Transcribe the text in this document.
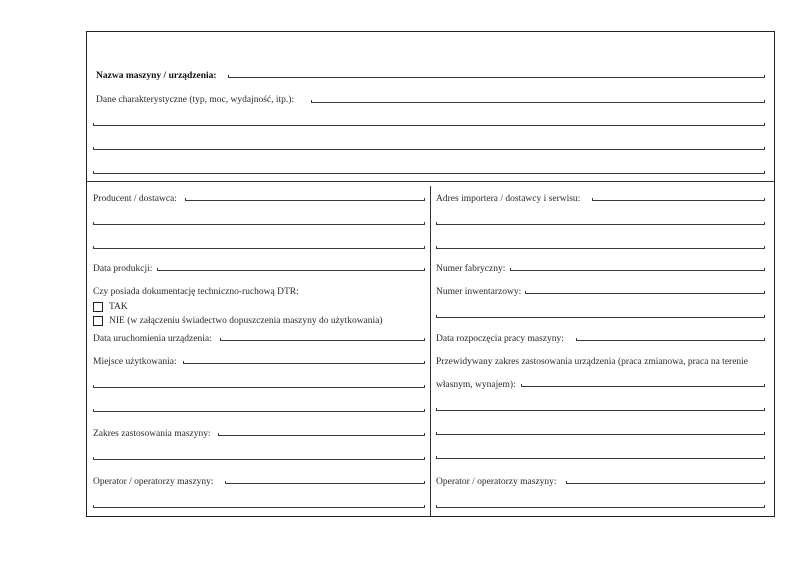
Nazwa maszyny / urządzenia:
Dane charakterystyczne (typ, moc, wydajność, itp.):
Producent / dostawca:
Data produkcji:
Czy posiada dokumentację techniczno-ruchową DTR:
TAK
NIE (w załączeniu świadectwo dopuszczenia maszyny do użytkowania)
Data uruchomienia urządzenia:
Miejsce użytkowania:
Zakres zastosowania maszyny:
Operator / operatorzy maszyny:
Adres importera / dostawcy i serwisu:
Numer fabryczny:
Numer inwentarzowy:
Data rozpoczęcia pracy maszyny:
Przewidywany zakres zastosowania urządzenia (praca zmianowa, praca na terenie
własnym, wynajem):
Operator / operatorzy maszyny:
